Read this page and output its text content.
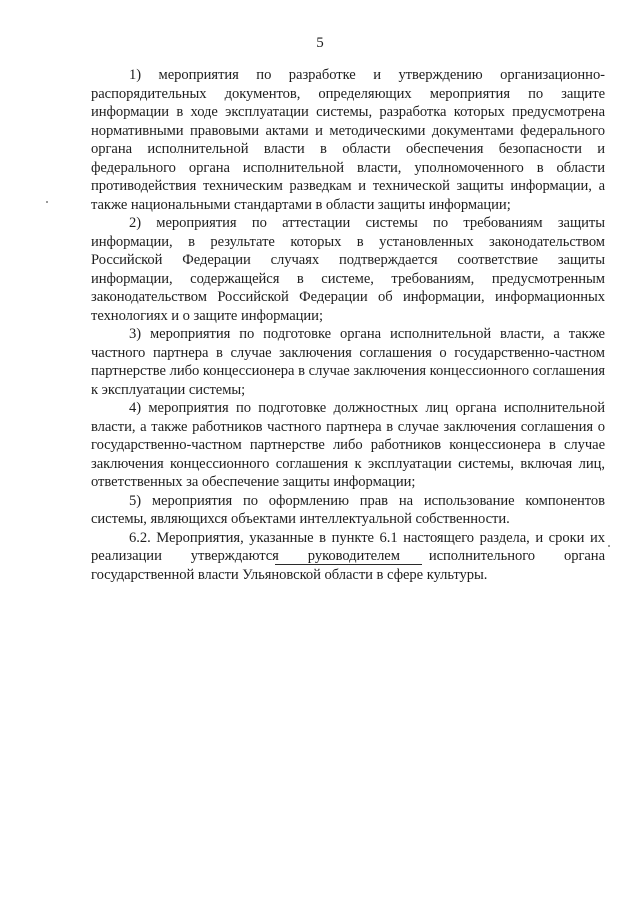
5

1) мероприятия по разработке и утверждению организационно-распорядительных документов, определяющих мероприятия по защите информации в ходе эксплуатации системы, разработка которых предусмотрена нормативными правовыми актами и методическими документами федерального органа исполнительной власти в области обеспечения безопасности и федерального органа исполнительной власти, уполномоченного в области противодействия техническим разведкам и технической защиты информации, а также национальными стандартами в области защиты информации;

2) мероприятия по аттестации системы по требованиям защиты информации, в результате которых в установленных законодательством Российской Федерации случаях подтверждается соответствие защиты информации, содержащейся в системе, требованиям, предусмотренным законодательством Российской Федерации об информации, информационных технологиях и о защите информации;

3) мероприятия по подготовке органа исполнительной власти, а также частного партнера в случае заключения соглашения о государственно-частном партнерстве либо концессионера в случае заключения концессионного соглашения к эксплуатации системы;

4) мероприятия по подготовке должностных лиц органа исполнительной власти, а также работников частного партнера в случае заключения соглашения о государственно-частном партнерстве либо работников концессионера в случае заключения концессионного соглашения к эксплуатации системы, включая лиц, ответственных за обеспечение защиты информации;

5) мероприятия по оформлению прав на использование компонентов системы, являющихся объектами интеллектуальной собственности.

6.2. Мероприятия, указанные в пункте 6.1 настоящего раздела, и сроки их реализации утверждаются руководителем исполнительного органа государственной власти Ульяновской области в сфере культуры.
